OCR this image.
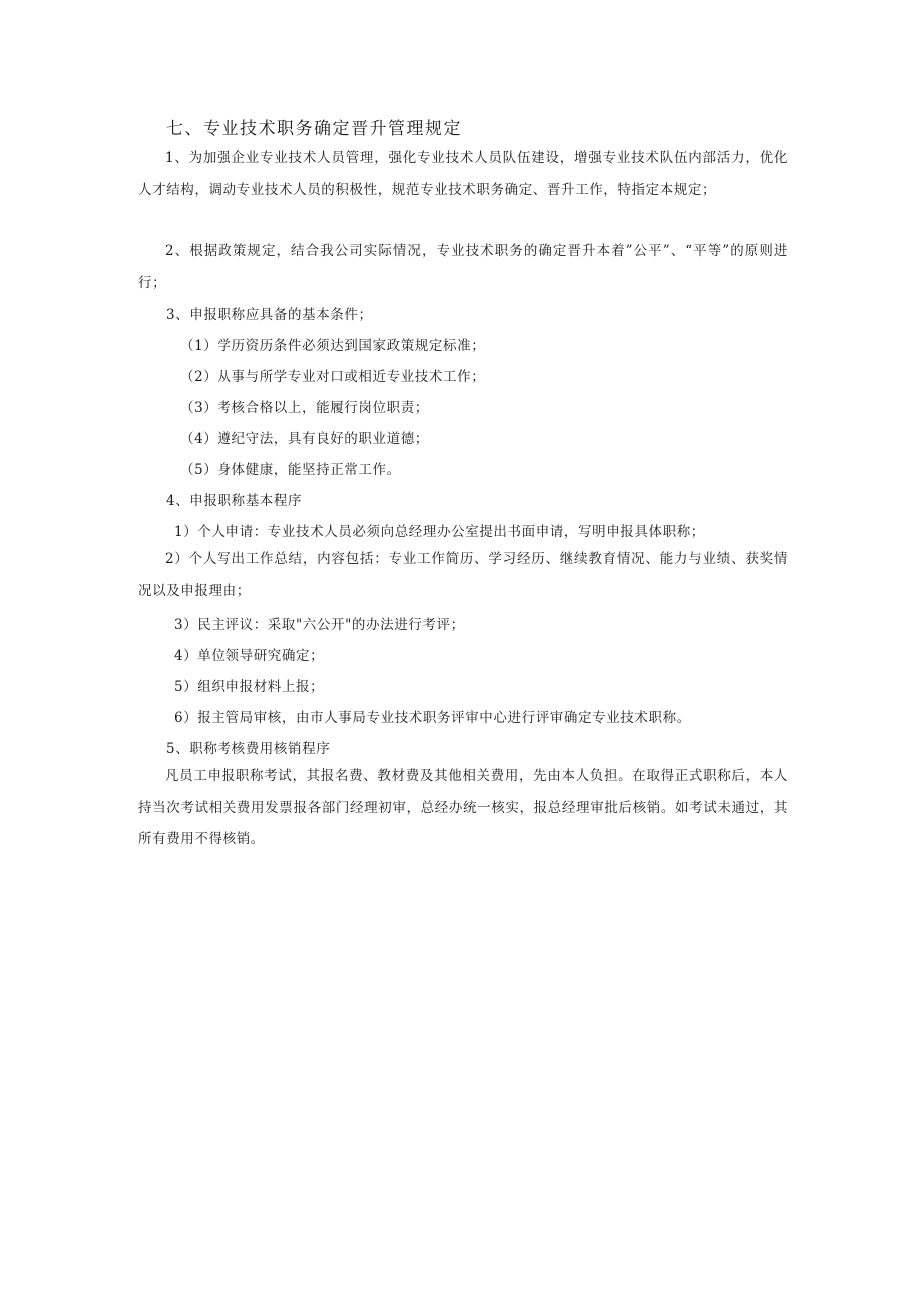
七、专业技术职务确定晋升管理规定
1、为加强企业专业技术人员管理，强化专业技术人员队伍建设，增强专业技术队伍内部活力，优化人才结构，调动专业技术人员的积极性，规范专业技术职务确定、晋升工作，特指定本规定；
2、根据政策规定，结合我公司实际情况，专业技术职务的确定晋升本着”公平”、“平等”的原则进行；
3、申报职称应具备的基本条件；
（1）学历资历条件必须达到国家政策规定标准；
（2）从事与所学专业对口或相近专业技术工作；
（3）考核合格以上，能履行岗位职责；
（4）遵纪守法，具有良好的职业道德；
（5）身体健康，能坚持正常工作。
4、申报职称基本程序
1）个人申请：专业技术人员必须向总经理办公室提出书面申请，写明申报具体职称；
2）个人写出工作总结，内容包括：专业工作简历、学习经历、继续教育情况、能力与业绩、获奖情况以及申报理由；
3）民主评议：采取"六公开"的办法进行考评；
4）单位领导研究确定；
5）组织申报材料上报；
6）报主管局审核，由市人事局专业技术职务评审中心进行评审确定专业技术职称。
5、职称考核费用核销程序
凡员工申报职称考试，其报名费、教材费及其他相关费用，先由本人负担。在取得正式职称后，本人持当次考试相关费用发票报各部门经理初审，总经办统一核实，报总经理审批后核销。如考试未通过，其所有费用不得核销。
